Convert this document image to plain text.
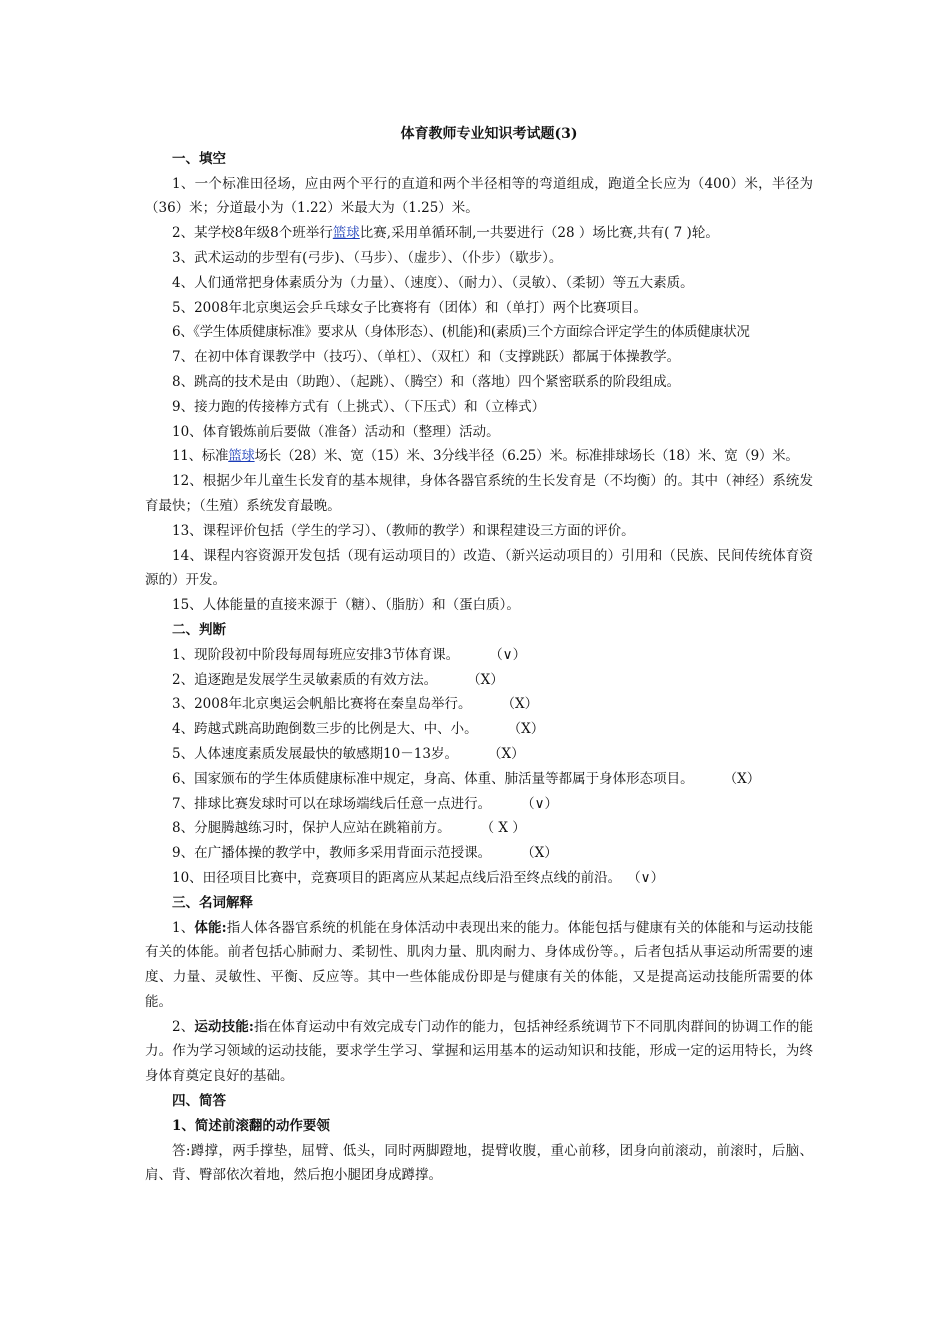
体育教师专业知识考试题(3)

一、填空

1、一个标准田径场，应由两个平行的直道和两个半径相等的弯道组成，跑道全长应为（400）米，半径为（36）米；分道最小为（1.22）米最大为（1.25）米。

2、某学校8年级8个班举行篮球比赛,采用单循环制,一共要进行（28 ）场比赛,共有( 7 )轮。

3、武术运动的步型有(弓步)、（马步）、（虚步）、（仆步）（歇步）。

4、人们通常把身体素质分为（力量）、（速度）、（耐力）、（灵敏）、（柔韧）等五大素质。

5、2008年北京奥运会乒乓球女子比赛将有（团体）和（单打）两个比赛项目。

6、《学生体质健康标准》要求从（身体形态）、(机能)和(素质)三个方面综合评定学生的体质健康状况

7、在初中体育课教学中（技巧）、（单杠）、（双杠）和（支撑跳跃）都属于体操教学。

8、跳高的技术是由（助跑）、（起跳）、（腾空）和（落地）四个紧密联系的阶段组成。

9、接力跑的传接棒方式有（上挑式）、（下压式）和（立棒式）

10、体育锻炼前后要做（准备）活动和（整理）活动。

11、标准篮球场长（28）米、宽（15）米、3分线半径（6.25）米。标准排球场长（18）米、宽（9）米。

12、根据少年儿童生长发育的基本规律，身体各器官系统的生长发育是（不均衡）的。其中（神经）系统发育最快；（生殖）系统发育最晚。

13、课程评价包括（学生的学习）、（教师的教学）和课程建设三方面的评价。

14、课程内容资源开发包括（现有运动项目的）改造、（新兴运动项目的）引用和（民族、民间传统体育资源的）开发。

15、人体能量的直接来源于（糖）、（脂肪）和（蛋白质）。

二、判断

1、现阶段初中阶段每周每班应安排3节体育课。 （∨）

2、追逐跑是发展学生灵敏素质的有效方法。 （X）

3、2008年北京奥运会帆船比赛将在秦皇岛举行。 （X）

4、跨越式跳高助跑倒数三步的比例是大、中、小。 （X）

5、人体速度素质发展最快的敏感期10－13岁。 （X）

6、国家颁布的学生体质健康标准中规定，身高、体重、肺活量等都属于身体形态项目。 （X）

7、排球比赛发球时可以在球场端线后任意一点进行。 （∨）

8、分腿腾越练习时，保护人应站在跳箱前方。 （ X ）

9、在广播体操的教学中，教师多采用背面示范授课。 （X）

10、田径项目比赛中，竞赛项目的距离应从某起点线后沿至终点线的前沿。 （∨）

三、名词解释

1、体能:指人体各器官系统的机能在身体活动中表现出来的能力。体能包括与健康有关的体能和与运动技能有关的体能。前者包括心肺耐力、柔韧性、肌肉力量、肌肉耐力、身体成份等。，后者包括从事运动所需要的速度、力量、灵敏性、平衡、反应等。其中一些体能成份即是与健康有关的体能，又是提高运动技能所需要的体能。

2、运动技能:指在体育运动中有效完成专门动作的能力，包括神经系统调节下不同肌肉群间的协调工作的能力。作为学习领域的运动技能，要求学生学习、掌握和运用基本的运动知识和技能，形成一定的运用特长，为终身体育奠定良好的基础。

四、简答

1、简述前滚翻的动作要领

答:蹲撑，两手撑垫，屈臂、低头，同时两脚蹬地，提臂收腹，重心前移，团身向前滚动，前滚时，后脑、肩、背、臀部依次着地，然后抱小腿团身成蹲撑。
